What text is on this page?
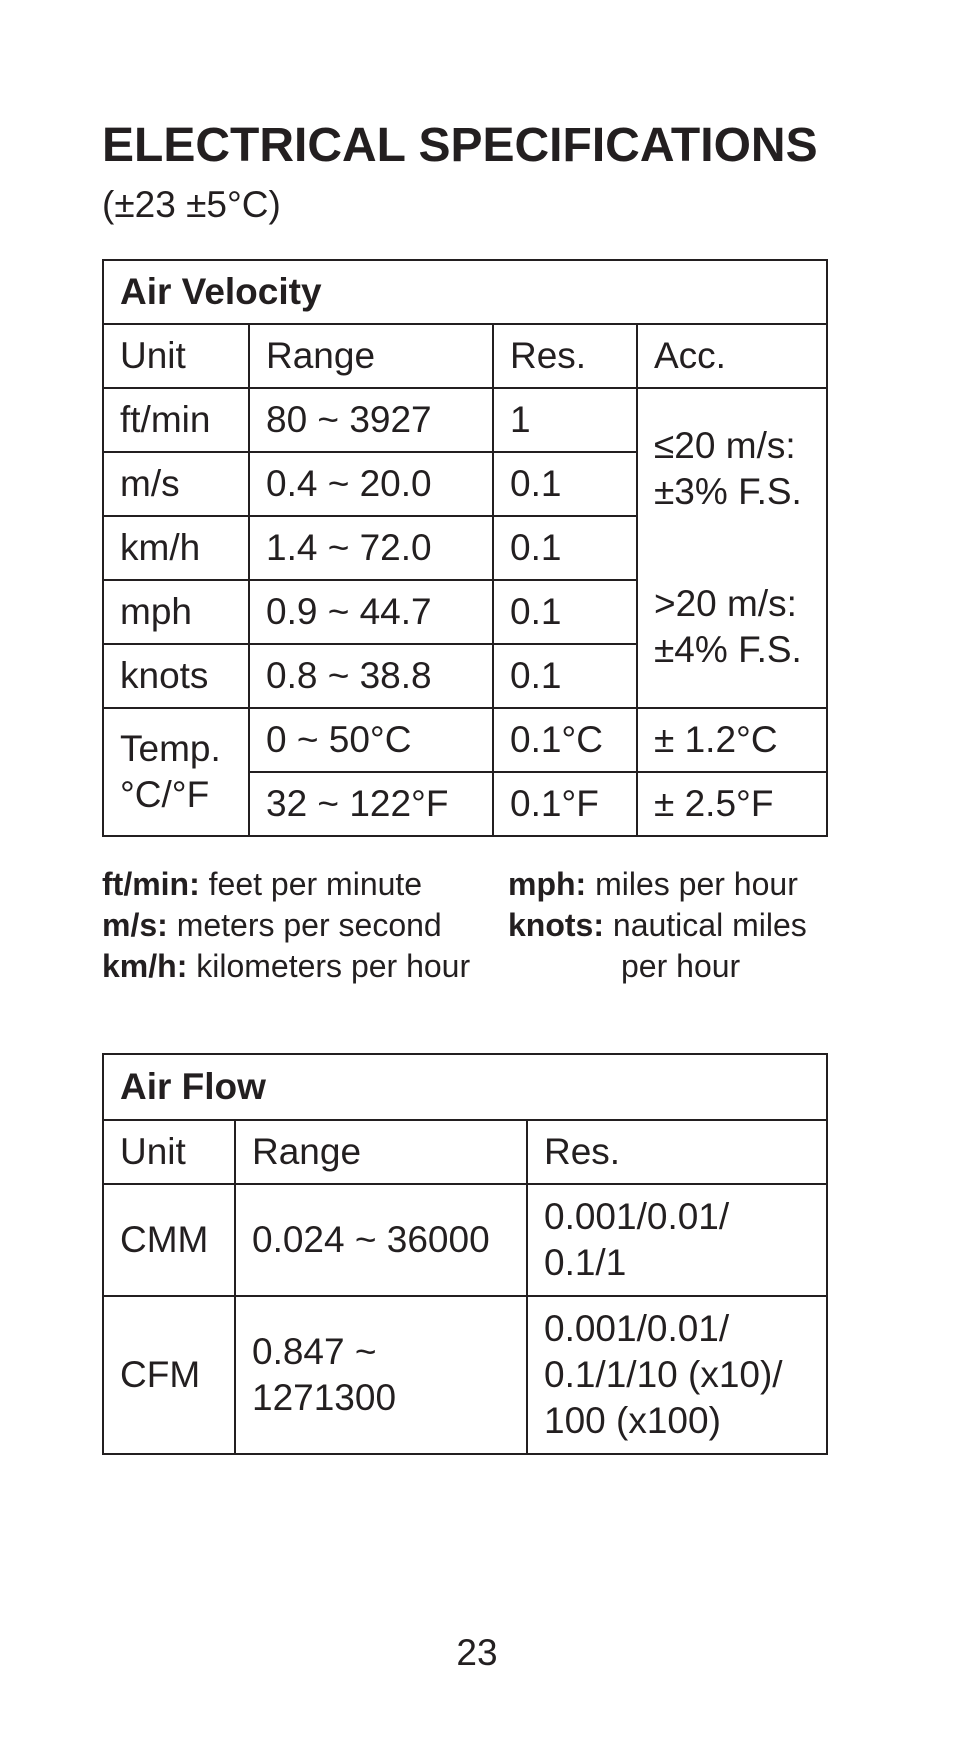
ELECTRICAL SPECIFICATIONS
(±23 ±5°C)
Air Velocity			
Unit	Range	Res.	Acc.
ft/min	80 ~ 3927	1	≤20 m/s:
±3% F.S.
>20 m/s:
±4% F.S.

m/s	0.4 ~ 20.0	0.1	
km/h	1.4 ~ 72.0	0.1	
mph	0.9 ~ 44.7	0.1	
knots	0.8 ~ 38.8	0.1	

Temp.
°C/°F	0 ~ 50°C	0.1°C	± 1.2°C
	32 ~ 122°F	0.1°F	± 2.5°F
ft/min: feet per minute
m/s: meters per second
km/h: kilometers per hour
mph: miles per hour
knots: nautical miles
per hour
Air Flow		
Unit	Range	Res.
CMM	0.024 ~ 36000	0.001/0.01/
0.1/1

CFM	0.847 ~
1271300	0.001/0.01/
0.1/1/10 (x10)/
100 (x100)
23
